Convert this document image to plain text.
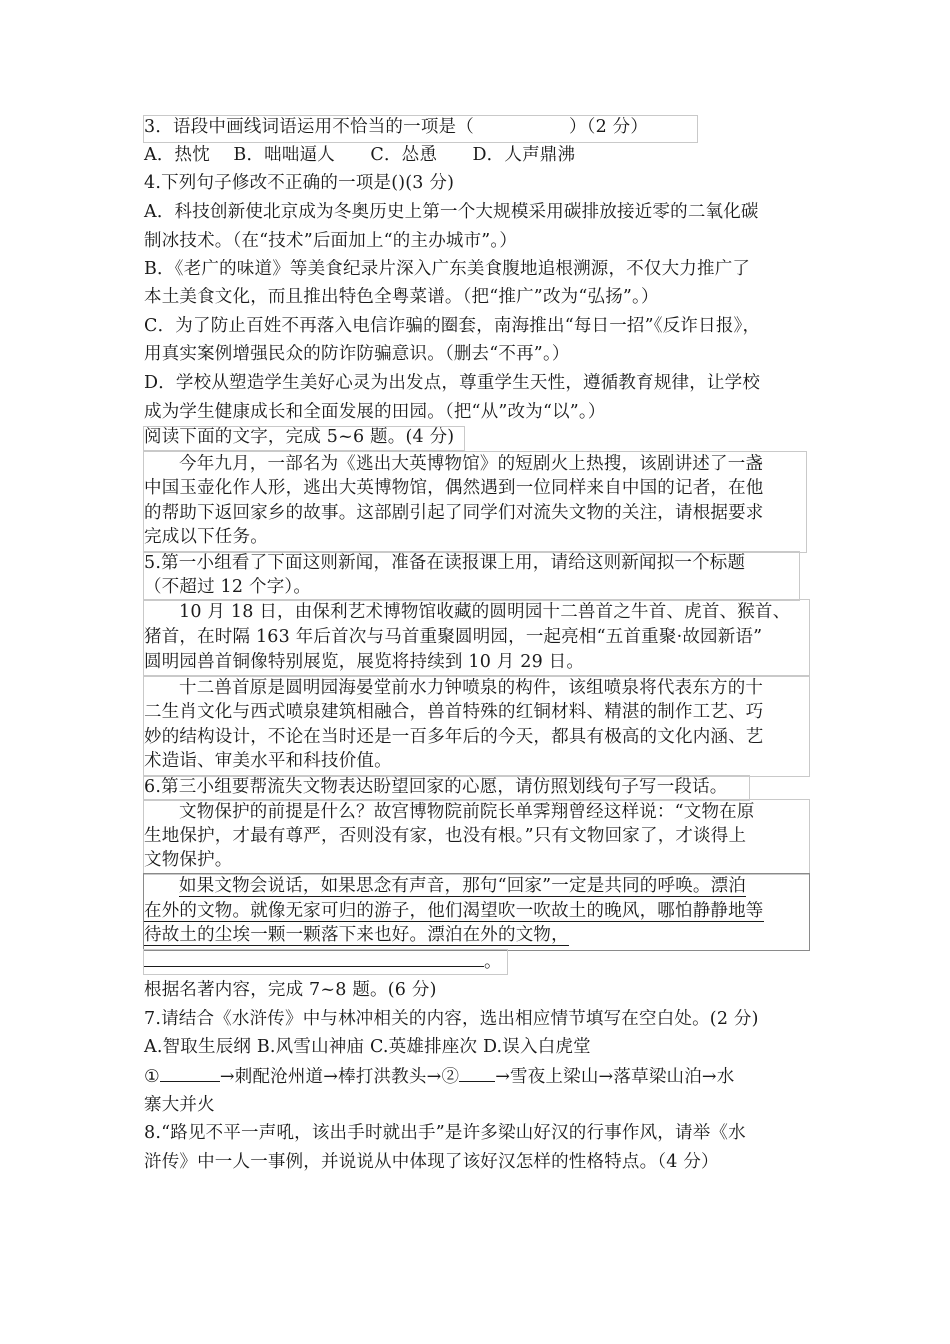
3．语段中画线词语运用不恰当的一项是（	）（2 分）
A．热忱　 B．咄咄逼人　　C．怂恿　　D．人声鼎沸
4.下列句子修改不正确的一项是()(3 分)
A．科技创新使北京成为冬奥历史上第一个大规模采用碳排放接近零的二氧化碳
制冰技术。（在“技术”后面加上“的主办城市”。）
B．《老广的味道》等美食纪录片深入广东美食腹地追根溯源，不仅大力推广了
本土美食文化，而且推出特色全粤菜谱。（把“推广”改为“弘扬”。）
C．为了防止百姓不再落入电信诈骗的圈套，南海推出“每日一招”《反诈日报》，
用真实案例增强民众的防诈防骗意识。（删去“不再”。）
D．学校从塑造学生美好心灵为出发点，尊重学生天性，遵循教育规律，让学校
成为学生健康成长和全面发展的田园。（把“从”改为“以”。）
阅读下面的文字，完成 5~6 题。(4 分)
今年九月，一部名为《逃出大英博物馆》的短剧火上热搜，该剧讲述了一盏
中国玉壶化作人形，逃出大英博物馆，偶然遇到一位同样来自中国的记者，在他
的帮助下返回家乡的故事。这部剧引起了同学们对流失文物的关注，请根据要求
完成以下任务。
5.第一小组看了下面这则新闻，准备在读报课上用，请给这则新闻拟一个标题
（不超过 12 个字）。
10 月 18 日，由保利艺术博物馆收藏的圆明园十二兽首之牛首、虎首、猴首、
猪首，在时隔 163 年后首次与马首重聚圆明园，一起亮相“五首重聚·故园新语”
圆明园兽首铜像特别展览，展览将持续到 10 月 29 日。
十二兽首原是圆明园海晏堂前水力钟喷泉的构件，该组喷泉将代表东方的十
二生肖文化与西式喷泉建筑相融合，兽首特殊的红铜材料、精湛的制作工艺、巧
妙的结构设计，不论在当时还是一百多年后的今天，都具有极高的文化内涵、艺
术造诣、审美水平和科技价值。
6.第三小组要帮流失文物表达盼望回家的心愿，请仿照划线句子写一段话。
文物保护的前提是什么？故宫博物院前院长单霁翔曾经这样说：“文物在原
生地保护，才最有尊严，否则没有家，也没有根。”只有文物回家了，才谈得上
文物保护。
如果文物会说话，如果思念有声音，那句“回家”一定是共同的呼唤。漂泊
在外的文物。就像无家可归的游子，他们渴望吹一吹故土的晚风，哪怕静静地等
待故土的尘埃一颗一颗落下来也好。漂泊在外的文物，
。
根据名著内容，完成 7~8 题。(6 分)
7.请结合《水浒传》中与林冲相关的内容，选出相应情节填写在空白处。(2 分)
A.智取生辰纲 B.风雪山神庙 C.英雄排座次 D.误入白虎堂
①	→刺配沧州道→棒打洪教头→② →雪夜上梁山→落草梁山泊→水
寨大并火
8.“路见不平一声吼，该出手时就出手”是许多梁山好汉的行事作风，请举《水
浒传》中一人一事例，并说说从中体现了该好汉怎样的性格特点。（4 分）
